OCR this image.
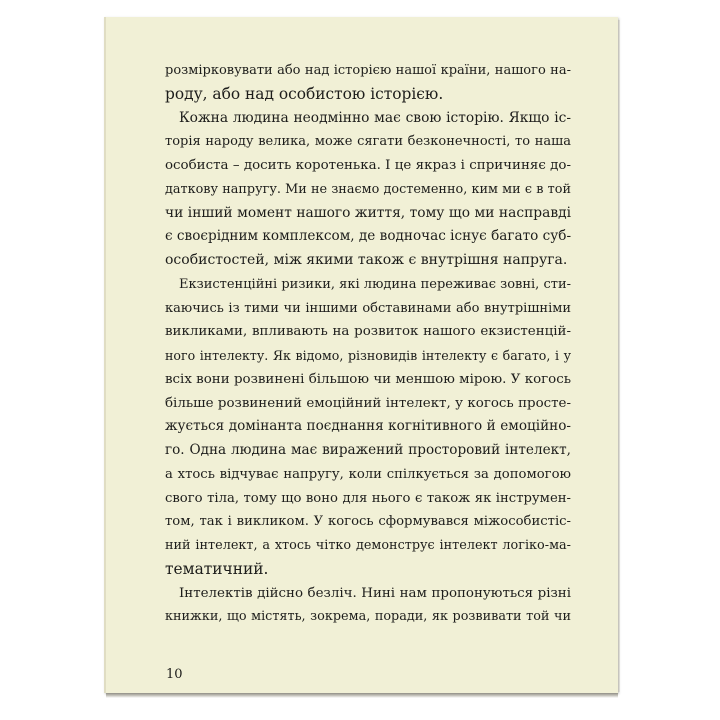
розмірковувати або над історією нашої країни, нашого на-
роду, або над особистою історією.

Кожна людина неодмінно має свою історію. Якщо іс-
торія народу велика, може сягати безконечності, то наша
особиста – досить коротенька. І це якраз і спричиняє до-
даткову напругу. Ми не знаємо достеменно, ким ми є в той
чи інший момент нашого життя, тому що ми насправді
є своєрідним комплексом, де водночас існує багато суб-
особистостей, між якими також є внутрішня напруга.

Екзистенційні ризики, які людина переживає зовні, сти-
каючись із тими чи іншими обставинами або внутрішніми
викликами, впливають на розвиток нашого екзистенцій-
ного інтелекту. Як відомо, різновидів інтелекту є багато, і у
всіх вони розвинені більшою чи меншою мірою. У когось
більше розвинений емоційний інтелект, у когось просте-
жується домінанта поєднання когнітивного й емоційно-
го. Одна людина має виражений просторовий інтелект,
а хтось відчуває напругу, коли спілкується за допомогою
свого тіла, тому що воно для нього є також як інструмен-
том, так і викликом. У когось сформувався міжособистіс-
ний інтелект, а хтось чітко демонструє інтелект логіко-ма-
тематичний.

Інтелектів дійсно безліч. Нині нам пропонуються різні
книжки, що містять, зокрема, поради, як розвивати той чи

10
